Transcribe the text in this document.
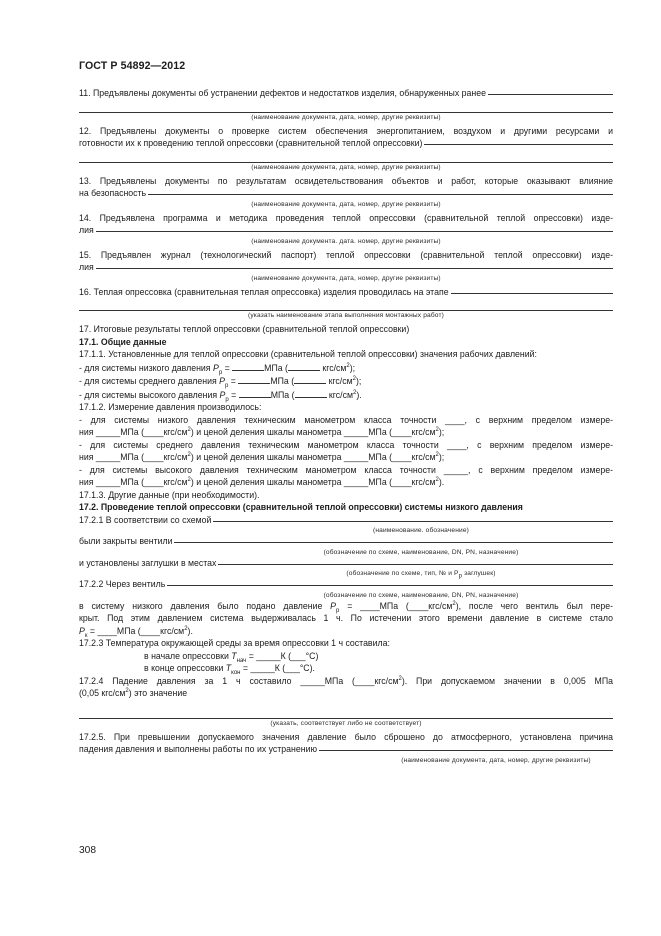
ГОСТ Р 54892—2012
11. Предъявлены документы об устранении дефектов и недостатков изделия, обнаруженных ранее
(наименование документа, дата, номер, другие реквизиты)
12. Предъявлены документы о проверке систем обеспечения энергопитанием, воздухом и другими ресурсами и
готовности их к проведению теплой опрессовки (сравнительной теплой опрессовки)
(наименование документа, дата, номер, другие реквизиты)
13. Предъявлены документы по результатам освидетельствования объектов и работ, которые оказывают влияние
на безопасность
(наименование документа, дата, номер, другие реквизиты)
14. Предъявлена программа и методика проведения теплой опрессовки (сравнительной теплой опрессовки) изде-
лия
(наименование документа. дата. номер, другие реквизиты)
15. Предъявлен журнал (технологический паспорт) теплой опрессовки (сравнительной теплой опрессовки) изде-
лия
(наименование документа, дата, номер, другие реквизиты)
16. Теплая опрессовка (сравнительная теплая опрессовка) изделия проводилась на этапе
(указать наименование этапа выполнения монтажных работ)
17. Итоговые результаты теплой опрессовки (сравнительной теплой опрессовки)
17.1. Общие данные
17.1.1. Установленные для теплой опрессовки (сравнительной теплой опрессовки) значения рабочих давлений:
- для системы низкого давления $P_р$ =	МПа (	кгс/$см^2$);
- для системы среднего давления $P_р$ =	МПа (	кгс/$см^2$);
- для системы высокого давления $P_р$ =	МПа (	кгс/$см^2$).
17.1.2. Измерение давления производилось:
- для системы низкого давления техническим манометром класса точности ____, с верхним пределом измере-
ния _____МПа $(\_\_\_\_кгс/см^2)$ и ценой деления шкалы манометра _____МПа $(\_\_\_\_кгс/см^2)$;
- для системы среднего давления техническим манометром класса точности ____, с верхним пределом измере-
ния _____МПа $(\_\_\_\_кгс/см^2)$ и ценой деления шкалы манометра _____МПа $(\_\_\_\_кгс/см^2)$;
- для системы высокого давления техническим манометром класса точности _____, с верхним пределом измере-
ния _____МПа $(\_\_\_\_кгс/см^2)$ и ценой деления шкалы манометра _____МПа $(\_\_\_\_кгс/см^2)$.
17.1.3. Другие данные (при необходимости).
17.2. Проведение теплой опрессовки (сравнительной теплой опрессовки) системы низкого давления
17.2.1 В соответствии со схемой
(наименование. обозначение)
были закрыты вентили
(обозначение по схеме, наименование, DN, PN, назначение)
и установлены заглушки в местах
(обозначение по схеме, тип, № и $P_р$ заглушек)
17.2.2 Через вентиль
(обозначение по схеме, наименование, DN, PN, назначение)
в систему низкого давления было подано давление $P_р$ = ____МПа $(\_\_\_\_кгс/см^2)$, после чего вентиль был пере-
крыт. Под этим давлением система выдерживалась 1 ч. По истечении этого времени давление в системе стало
$P_к$ = ____МПа $(\_\_\_\_кгс/см^2)$.
17.2.3 Температура окружающей среды за время опрессовки 1 ч составила:
в начале опрессовки $T_{нач}$ = _____К (___°С)
в конце опрессовки $T_{кон}$ = _____К (___°С).
17.2.4 Падение давления за 1 ч составило _____МПа $(\_\_\_\_кгс/см^2)$. При допускаемом значении в 0,005 МПа
(0,05 кгс/$см^2$) это значение
(указать, соответствует либо не соответствует)
17.2.5. При превышении допускаемого значения давление было сброшено до атмосферного, установлена причина
падения давления и выполнены работы по их устранению
(наименование документа, дата, номер, другие реквизиты)
308
